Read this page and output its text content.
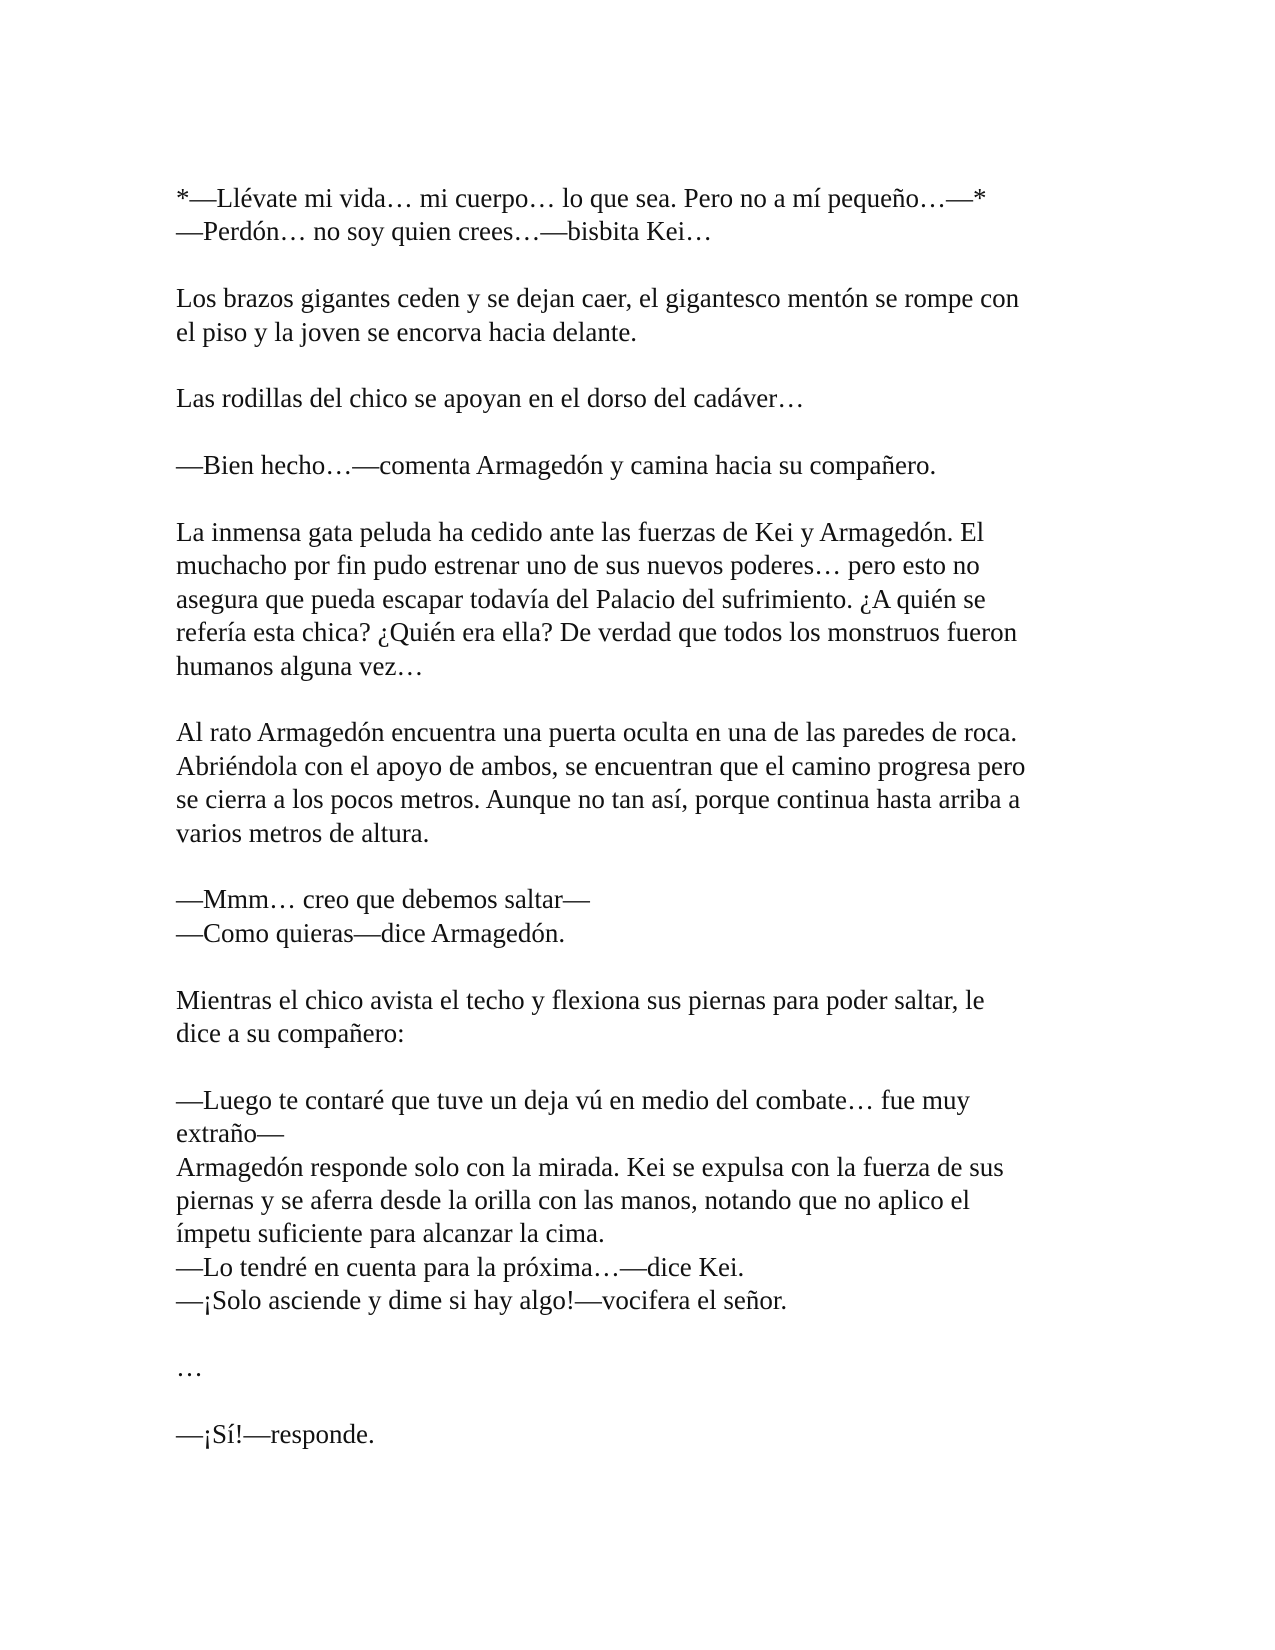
*—Llévate mi vida… mi cuerpo… lo que sea. Pero no a mí pequeño…—*
—Perdón… no soy quien crees…—bisbita Kei…

Los brazos gigantes ceden y se dejan caer, el gigantesco mentón se rompe con
el piso y la joven se encorva hacia delante.

Las rodillas del chico se apoyan en el dorso del cadáver…

—Bien hecho…—comenta Armagedón y camina hacia su compañero.

La inmensa gata peluda ha cedido ante las fuerzas de Kei y Armagedón. El
muchacho por fin pudo estrenar uno de sus nuevos poderes… pero esto no
asegura que pueda escapar todavía del Palacio del sufrimiento. ¿A quién se
refería esta chica? ¿Quién era ella? De verdad que todos los monstruos fueron
humanos alguna vez…

Al rato Armagedón encuentra una puerta oculta en una de las paredes de roca.
Abriéndola con el apoyo de ambos, se encuentran que el camino progresa pero
se cierra a los pocos metros. Aunque no tan así, porque continua hasta arriba a
varios metros de altura.

—Mmm… creo que debemos saltar—
—Como quieras—dice Armagedón.

Mientras el chico avista el techo y flexiona sus piernas para poder saltar, le
dice a su compañero:

—Luego te contaré que tuve un deja vú en medio del combate… fue muy
extraño—
Armagedón responde solo con la mirada. Kei se expulsa con la fuerza de sus
piernas y se aferra desde la orilla con las manos, notando que no aplico el
ímpetu suficiente para alcanzar la cima.
—Lo tendré en cuenta para la próxima…—dice Kei.
—¡Solo asciende y dime si hay algo!—vocifera el señor.

…

—¡Sí!—responde.
